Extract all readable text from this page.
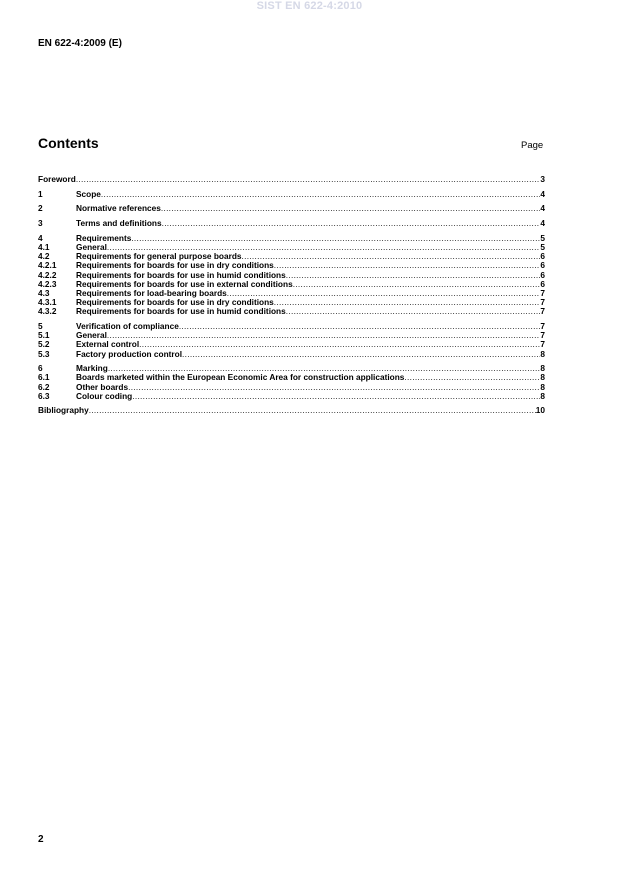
SIST EN 622-4:2010
EN 622-4:2009 (E)
Contents	Page
Foreword .....	3
1	Scope .....	4
2	Normative references .....	4
3	Terms and definitions .....	4
4	Requirements .....	5
4.1	General .....	5
4.2	Requirements for general purpose boards .....	6
4.2.1	Requirements for boards for use in dry conditions .....	6
4.2.2	Requirements for boards for use in humid conditions .....	6
4.2.3	Requirements for boards for use in external conditions .....	6
4.3	Requirements for load-bearing boards .....	7
4.3.1	Requirements for boards for use in dry conditions .....	7
4.3.2	Requirements for boards for use in humid conditions .....	7
5	Verification of compliance .....	7
5.1	General .....	7
5.2	External control .....	7
5.3	Factory production control .....	8
6	Marking .....	8
6.1	Boards marketed within the European Economic Area for construction applications .....	8
6.2	Other boards .....	8
6.3	Colour coding .....	8
Bibliography .....	10
2
